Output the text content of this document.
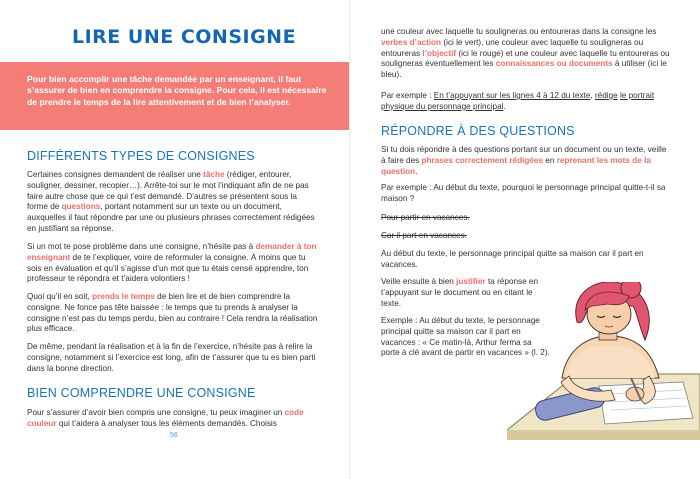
LIRE UNE CONSIGNE
Pour bien accomplir une tâche demandée par un enseignant, il faut s’assurer de bien en comprendre la consigne. Pour cela, il est nécessaire de prendre le temps de la lire attentivement et de bien l’analyser.
DIFFÉRENTS TYPES DE CONSIGNES
Certaines consignes demandent de réaliser une tâche (rédiger, entourer, souligner, dessiner, recopier…). Arrête-toi sur le mot l’indiquant afin de ne pas faire autre chose que ce qui t’est demandé. D’autres se présentent sous la forme de questions, portant notamment sur un texte ou un document, auxquelles il faut répondre par une ou plusieurs phrases correctement rédigées en justifiant sa réponse.
Si un mot te pose problème dans une consigne, n’hésite pas à demander à ton enseignant de te l’expliquer, voire de reformuler la consigne. À moins que tu sois en évaluation et qu’il s’agisse d’un mot que tu étais censé apprendre, ton professeur te répondra et t’aidera volontiers !
Quoi qu’il en soit, prends le temps de bien lire et de bien comprendre la consigne. Ne fonce pas tête baissée : le temps que tu prends à analyser la consigne n’est pas du temps perdu, bien au contraire ! Cela rendra la réalisation plus efficace.
De même, pendant la réalisation et à la fin de l’exercice, n’hésite pas à relire la consigne, notamment si l’exercice est long, afin de t’assurer que tu es bien parti dans la bonne direction.
BIEN COMPRENDRE UNE CONSIGNE
Pour s’assurer d’avoir bien compris une consigne, tu peux imaginer un code couleur qui t’aidera à analyser tous les éléments demandés. Choisis
56
une couleur avec laquelle tu souligneras ou entoureras dans la consigne les verbes d’action (ici le vert), une couleur avec laquelle tu souligneras ou entoureras l’objectif (ici le rouge) et une couleur avec laquelle tu entoureras ou souligneras éventuellement les connaissances ou documents à utiliser (ici le bleu).
Par exemple : En t’appuyant sur les lignes 4 à 12 du texte, rédige le portrait physique du personnage principal.
RÉPONDRE À DES QUESTIONS
Si tu dois répondre à des questions portant sur un document ou un texte, veille à faire des phrases correctement rédigées en reprenant les mots de la question.
Par exemple : Au début du texte, pourquoi le personnage principal quitte-t-il sa maison ?
Pour partir en vacances.
Car il part en vacances.
Au début du texte, le personnage principal quitte sa maison car il part en vacances.
Veille ensuite à bien justifier ta réponse en t’appuyant sur le document ou en citant le texte.
Exemple : Au début du texte, le personnage principal quitte sa maison car il part en vacances : « Ce matin-là, Arthur ferma sa porte à clé avant de partir en vacances » (l. 2).
